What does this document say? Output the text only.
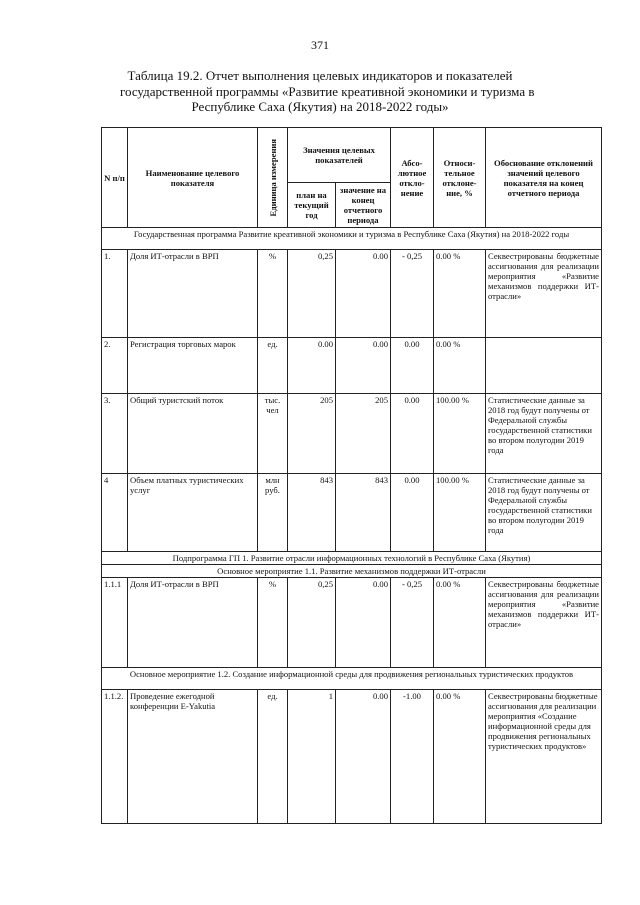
371
Таблица 19.2. Отчет выполнения целевых индикаторов и показателей
государственной программы «Развитие креативной экономики и туризма в
Республике Саха (Якутия) на 2018-2022 годы»
N п/п	Наименование целевого показателя	Единица измерения	Значения целевых показателей		Абсо-лютное откло-нение	Относи-тельное отклоне-ние, %	Обоснование отклонений значений целевого показателя на конец отчетного периода
			план на текущий год	значение на конец отчетного периода			
Государственная программа Развитие креативной экономики и туризма в Республике Саха (Якутия) на 2018-2022 годы							
1.	Доля ИТ-отрасли в ВРП	%	0,25	0.00	- 0,25	0.00 %	Секвестрированы бюджетные ассигнования для реализации мероприятия «Развитие механизмов поддержки ИТ-отрасли»
2.	Регистрация торговых марок	ед.	0.00	0.00	0.00	0.00 %	
3.	Общий туристский поток	тыс. чел	205	205	0.00	100.00 %	Статистические данные за 2018 год будут получены от Федеральной службы государственной статистики во втором полугодии 2019 года
4	Объем платных туристических услуг	млн руб.	843	843	0.00	100.00 %	Статистические данные за 2018 год будут получены от Федеральной службы государственной статистики во втором полугодии 2019 года
Подпрограмма ГП 1. Развитие отрасли информационных технологий в Республике Саха (Якутия)							
Основное мероприятие 1.1. Развитие механизмов поддержки ИТ-отрасли							
1.1.1	Доля ИТ-отрасли в ВРП	%	0,25	0.00	- 0,25	0.00 %	Секвестрированы бюджетные ассигнования для реализации мероприятия «Развитие механизмов поддержки ИТ-отрасли»
Основное мероприятие 1.2. Создание информационной среды для продвижения региональных туристических продуктов							
1.1.2.	Проведение ежегодной конференции E-Yakutia	ед.	1	0.00	-1.00	0.00 %	Секвестрированы бюджетные ассигнования для реализации мероприятия «Создание информационной среды для продвижения региональных туристических продуктов»
